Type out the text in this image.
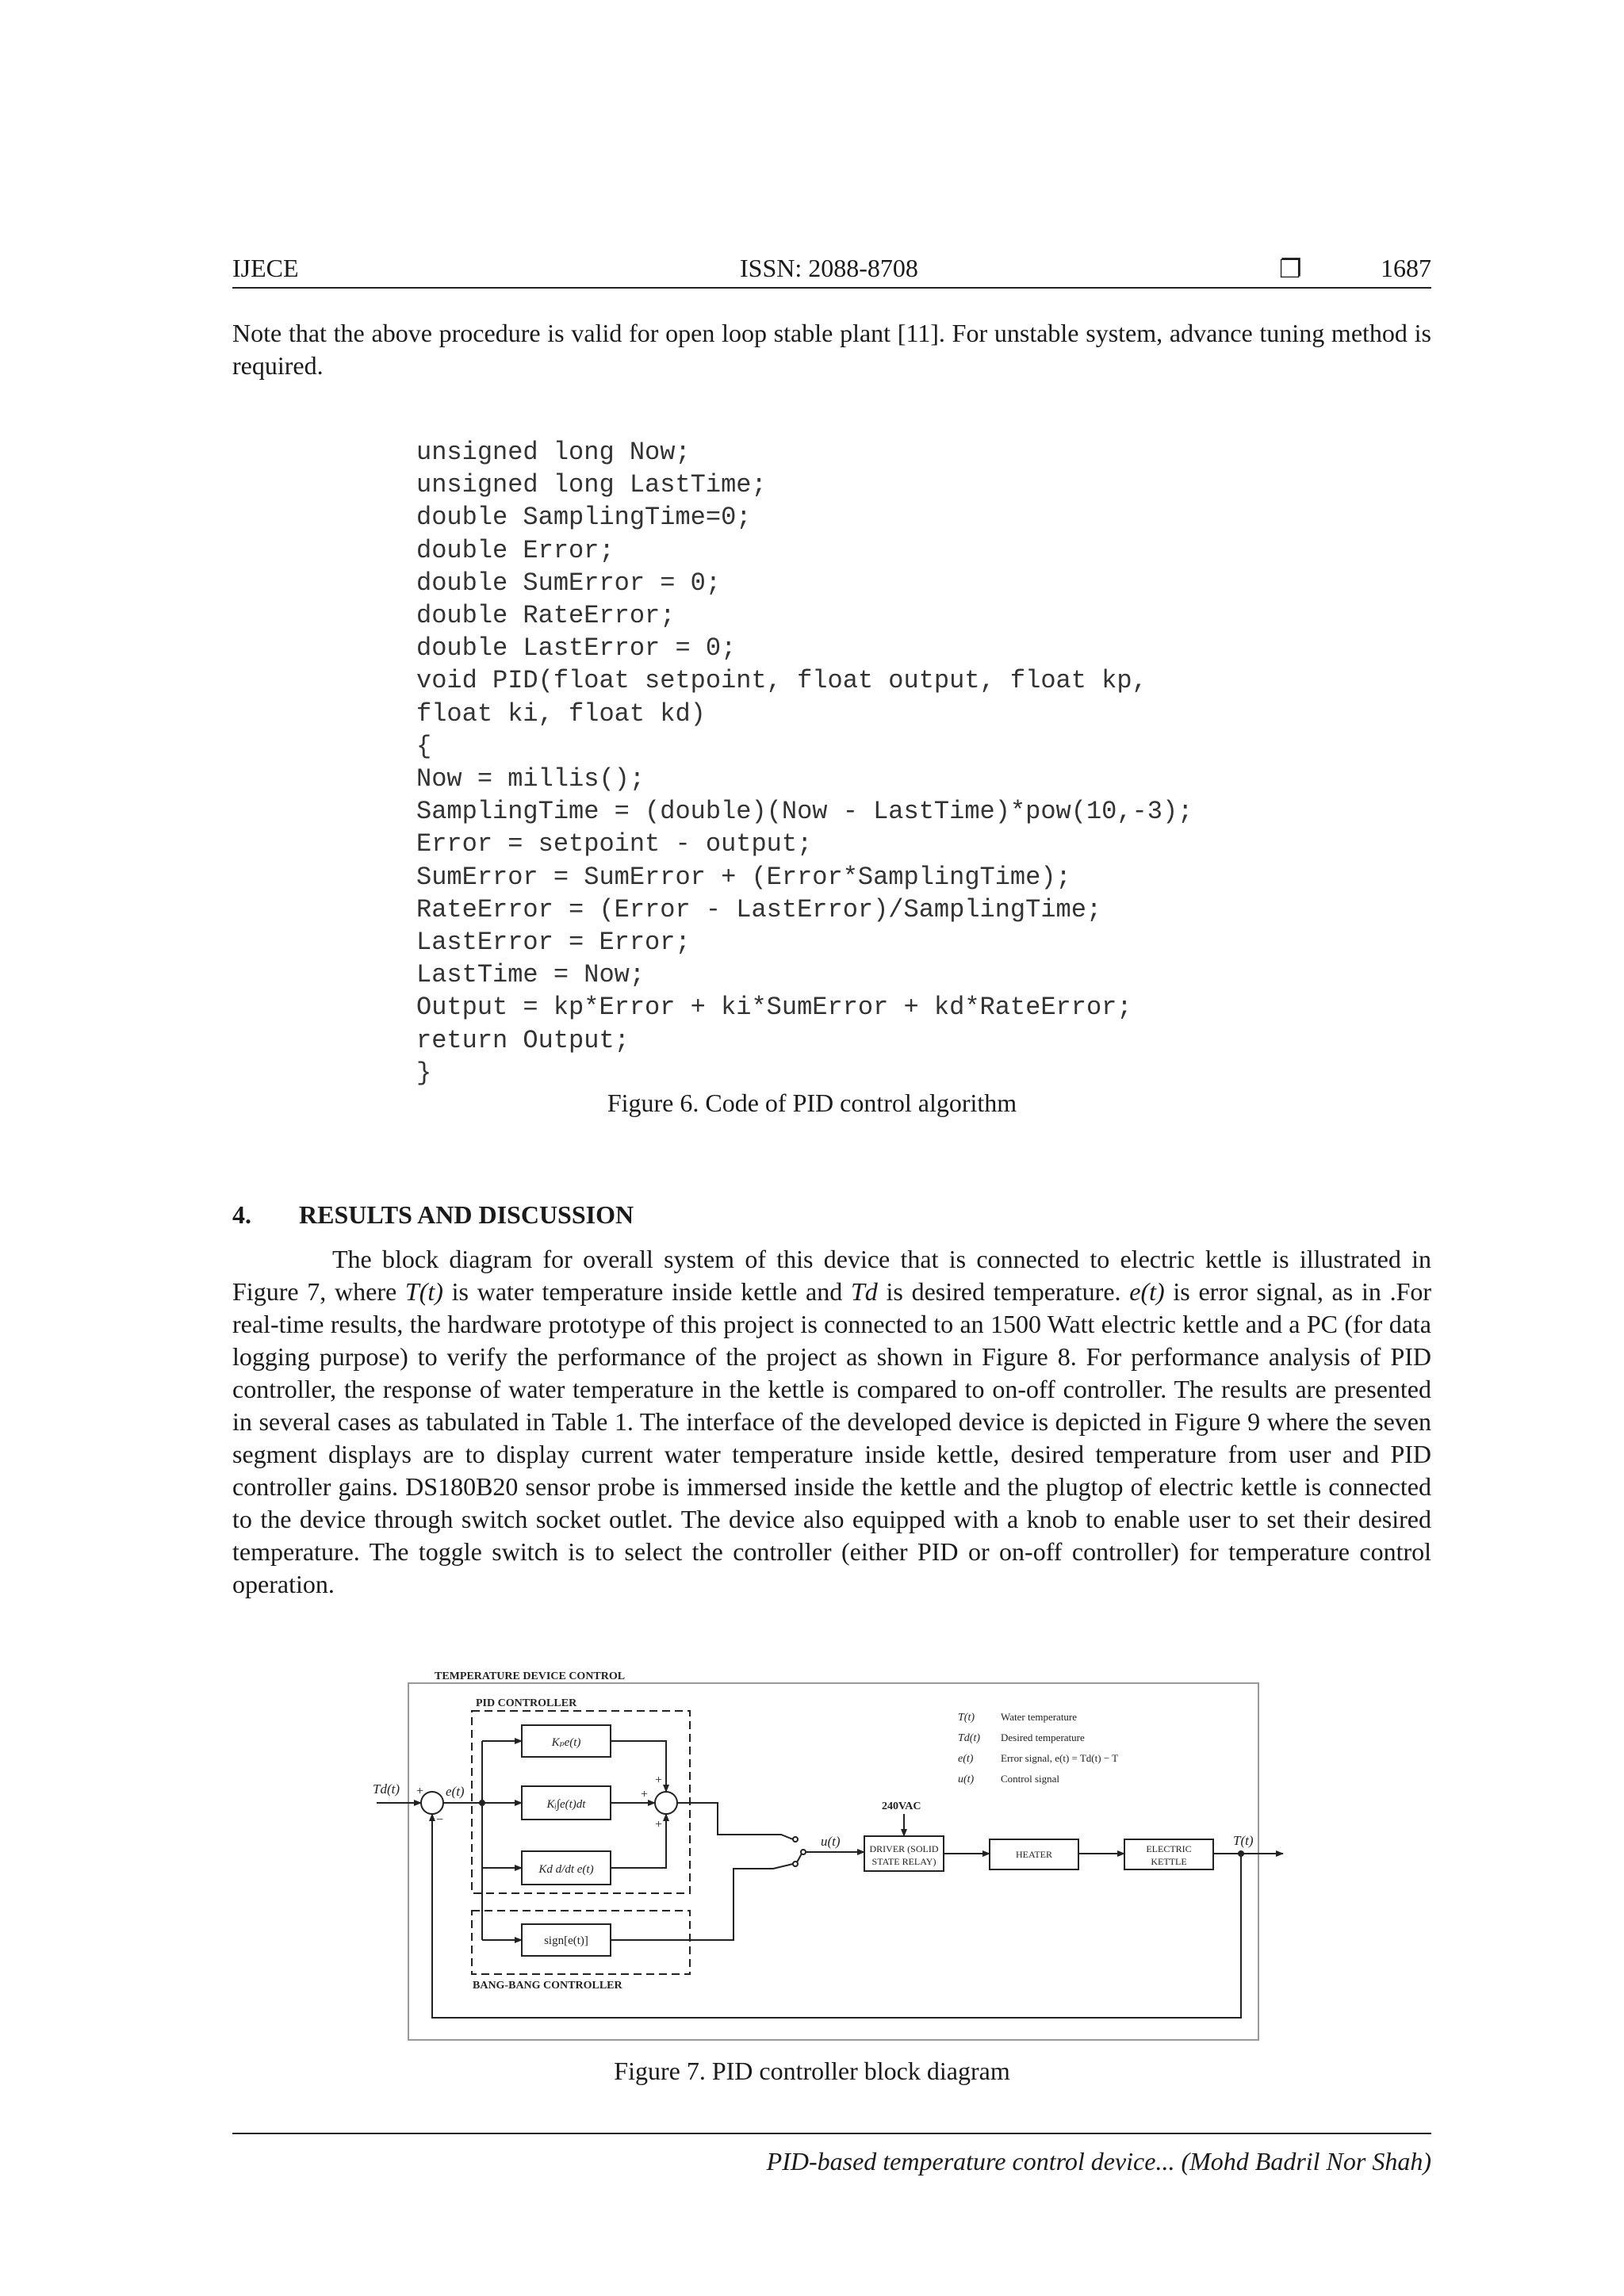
IJECE	ISSN: 2088-8708	❐	1687
Note that the above procedure is valid for open loop stable plant [11]. For unstable system, advance tuning method is required.
unsigned long Now;
unsigned long LastTime;
double SamplingTime=0;
double Error;
double SumError = 0;
double RateError;
double LastError = 0;
void PID(float setpoint, float output, float kp,
float ki, float kd)
{
Now = millis();
SamplingTime = (double)(Now - LastTime)*pow(10,-3);
Error = setpoint - output;
SumError = SumError + (Error*SamplingTime);
RateError = (Error - LastError)/SamplingTime;
LastError = Error;
LastTime = Now;
Output = kp*Error + ki*SumError + kd*RateError;
return Output;
}
Figure 6. Code of PID control algorithm
4. RESULTS AND DISCUSSION
The block diagram for overall system of this device that is connected to electric kettle is illustrated in Figure 7, where T(t) is water temperature inside kettle and Td is desired temperature. e(t) is error signal, as in .For real-time results, the hardware prototype of this project is connected to an 1500 Watt electric kettle and a PC (for data logging purpose) to verify the performance of the project as shown in Figure 8. For performance analysis of PID controller, the response of water temperature in the kettle is compared to on-off controller. The results are presented in several cases as tabulated in Table 1. The interface of the developed device is depicted in Figure 9 where the seven segment displays are to display current water temperature inside kettle, desired temperature from user and PID controller gains. DS180B20 sensor probe is immersed inside the kettle and the plugtop of electric kettle is connected to the device through switch socket outlet. The device also equipped with a knob to enable user to set their desired temperature. The toggle switch is to select the controller (either PID or on-off controller) for temperature control operation.
TEMPERATURE DEVICE CONTROL
PID CONTROLLER
BANG-BANG CONTROLLER
Kₚe(t)
Kᵢ∫e(t)dt
Kd d/dt e(t)
sign[e(t)]
Td(t)	e(t)
u(t)
240VAC
DRIVER (SOLID
STATE RELAY)
HEATER	ELECTRIC
KETTLE
T(t)
+
−
+
+
+
T(t)	Water temperature
Td(t) Desired temperature
e(t)	Error signal, e(t) = Td(t) − T
u(t)	Control signal
Figure 7. PID controller block diagram
PID-based temperature control device... (Mohd Badril Nor Shah)
